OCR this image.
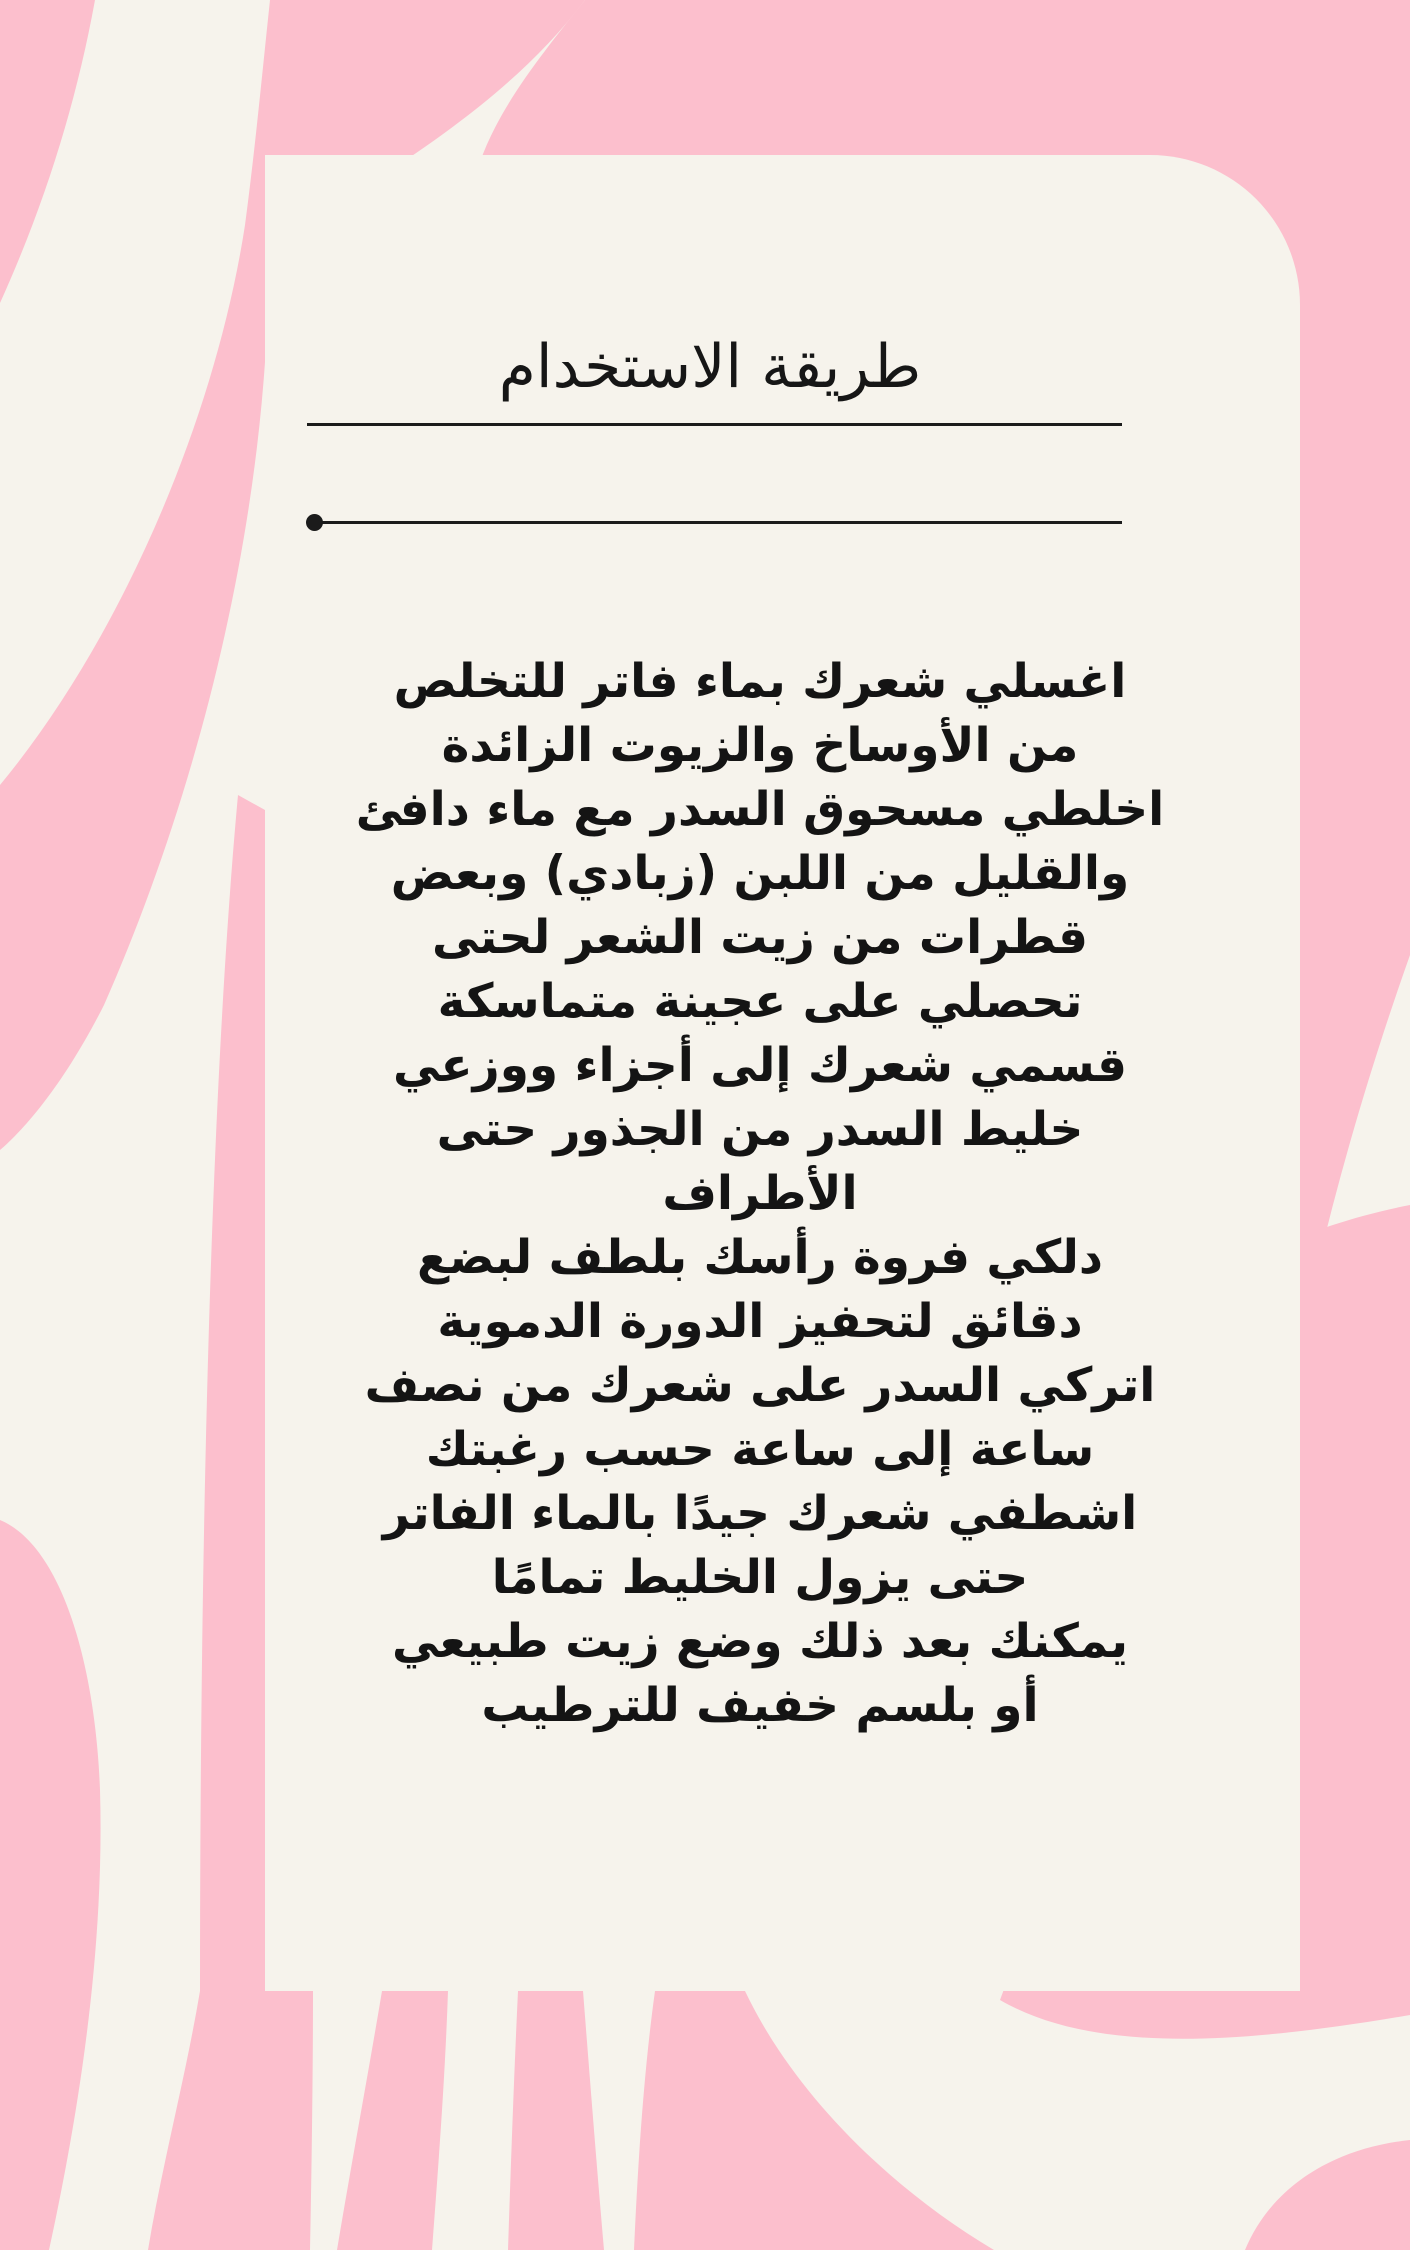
طريقة الاستخدام
اغسلي شعرك بماء فاتر للتخلص
من الأوساخ والزيوت الزائدة
اخلطي مسحوق السدر مع ماء دافئ
والقليل من اللبن (زبادي) وبعض
قطرات من زيت الشعر لحتى
تحصلي على عجينة متماسكة
قسمي شعرك إلى أجزاء ووزعي
خليط السدر من الجذور حتى
الأطراف
دلكي فروة رأسك بلطف لبضع
دقائق لتحفيز الدورة الدموية
اتركي السدر على شعرك من نصف
ساعة إلى ساعة حسب رغبتك
اشطفي شعرك جيدًا بالماء الفاتر
حتى يزول الخليط تمامًا
يمكنك بعد ذلك وضع زيت طبيعي
أو بلسم خفيف للترطيب
